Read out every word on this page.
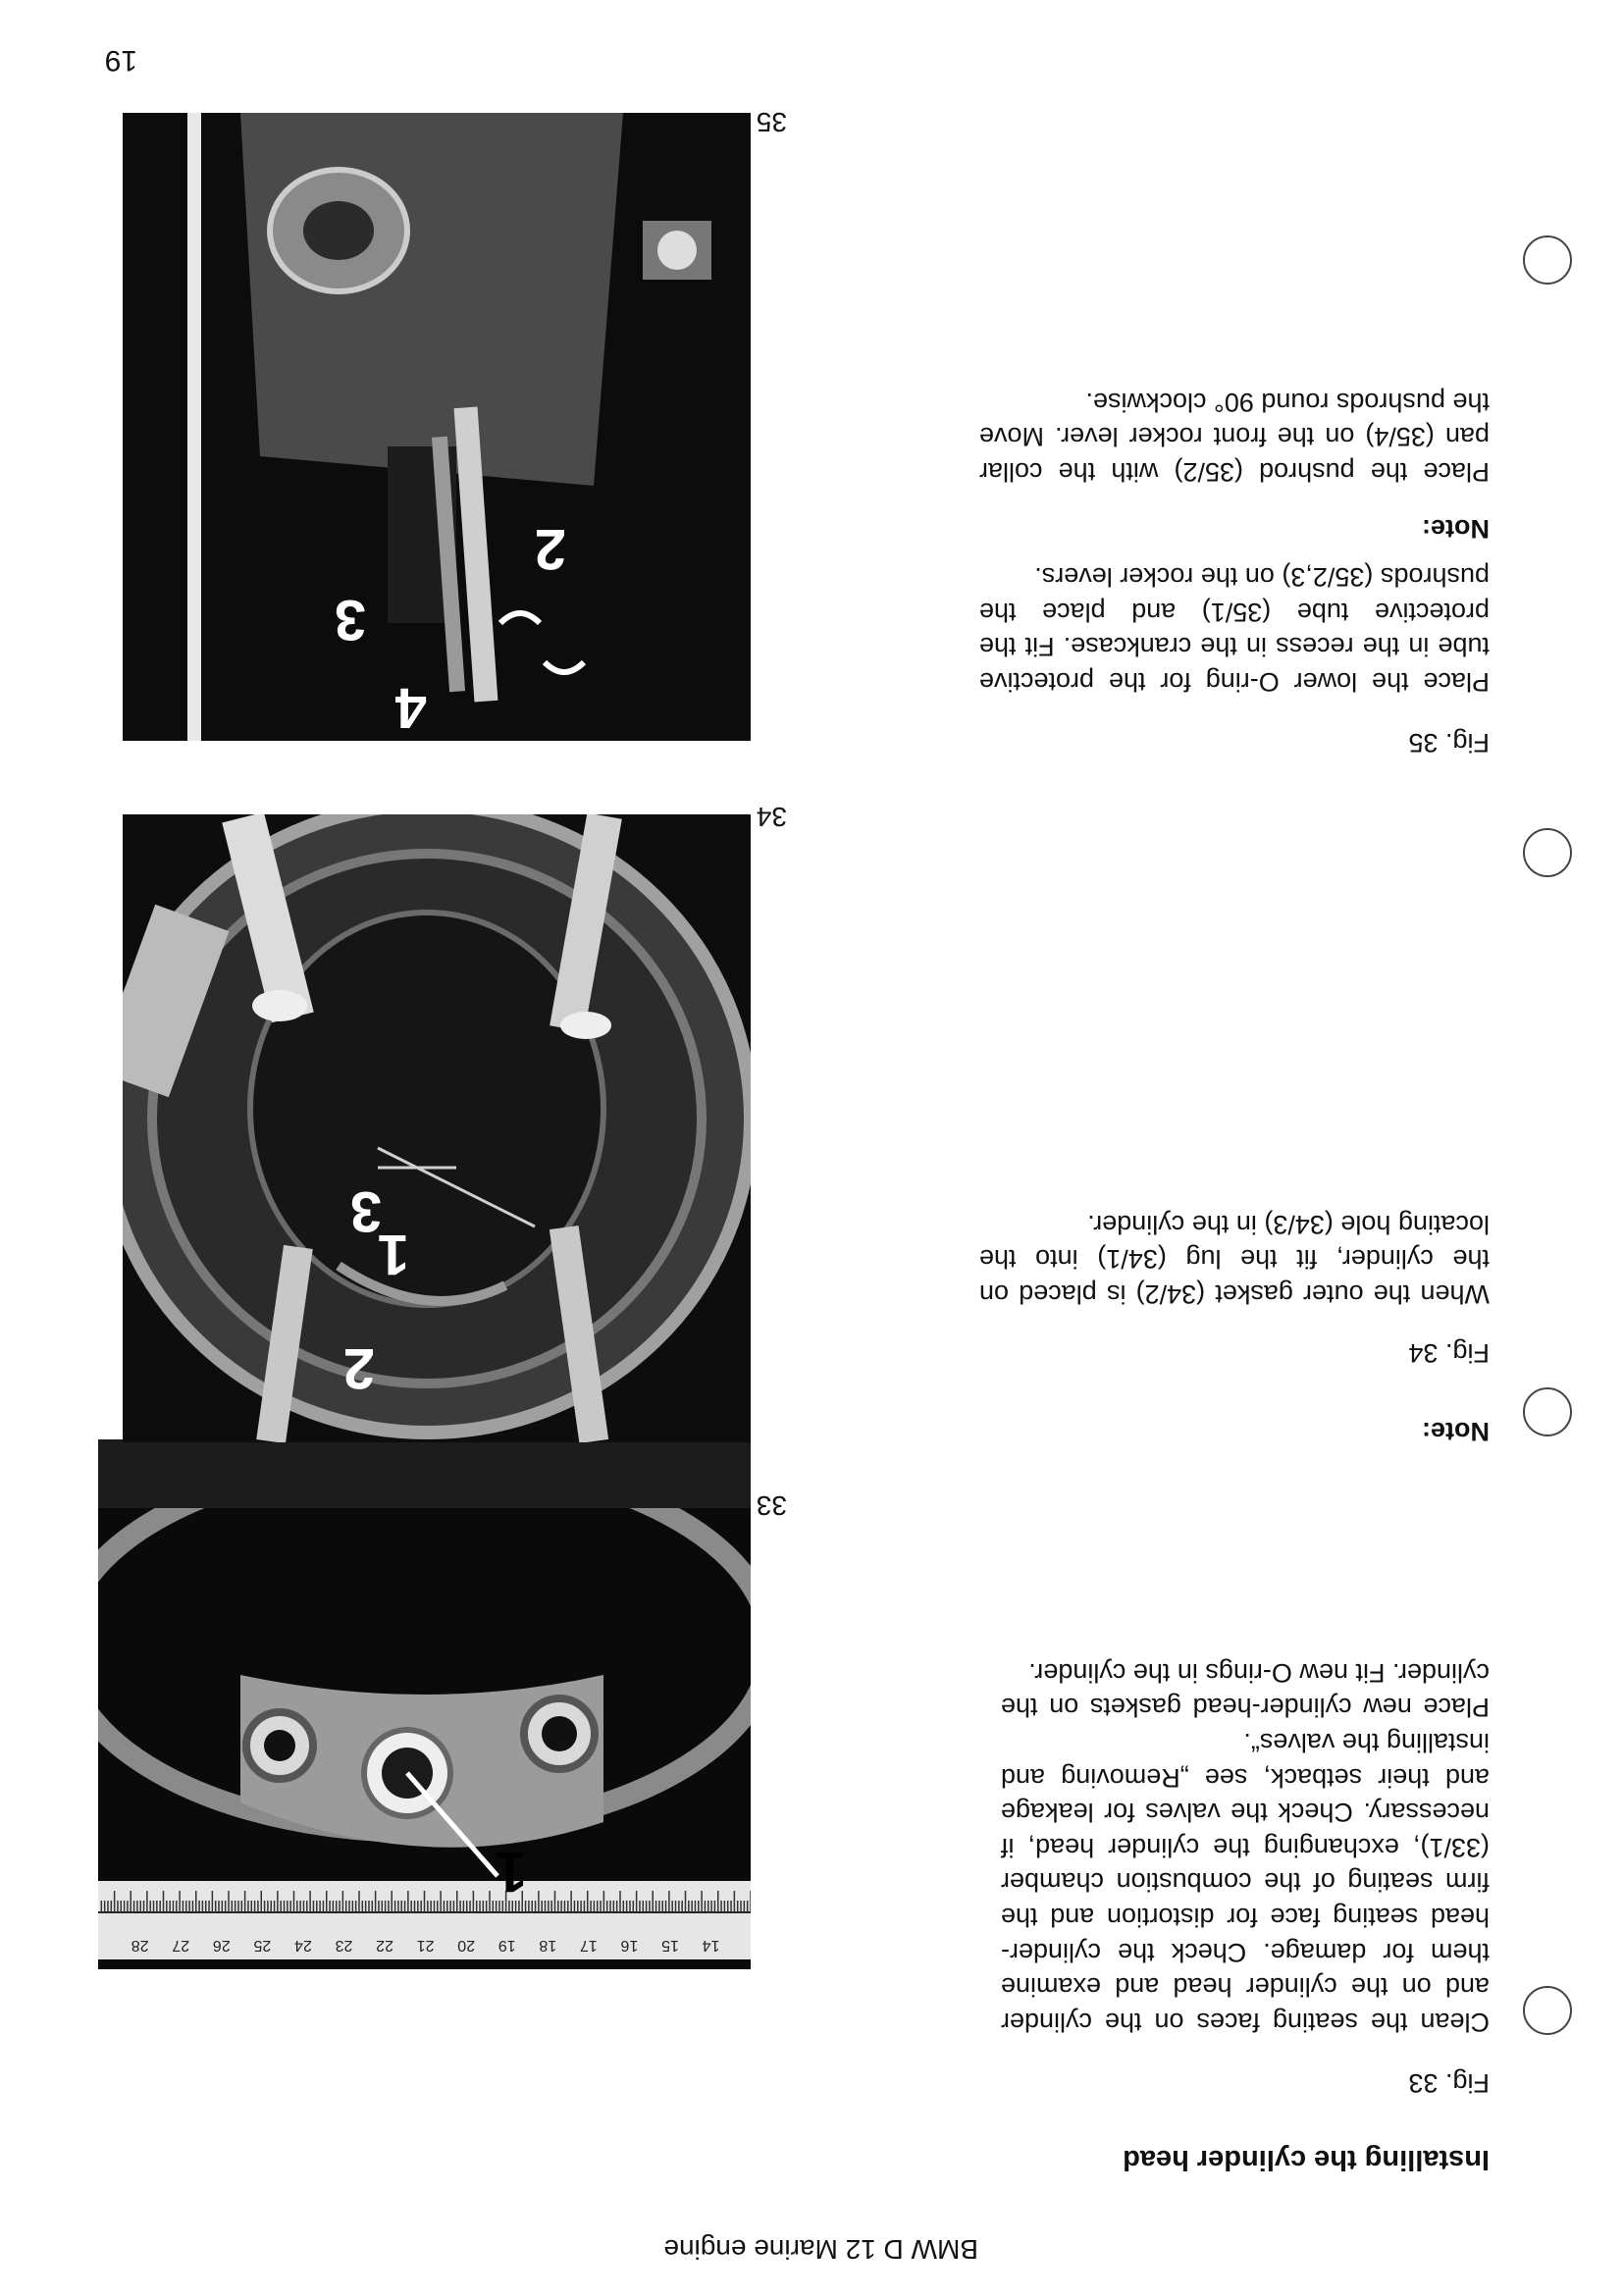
BMW D 12 Marine engine
19
Installing the cylinder head
Fig. 33
Clean the seating faces on the cylinder and on the cylinder head and examine them for damage. Check the cylinder-head seating face for distortion and the firm seating of the combustion chamber (33/1), exchanging the cylinder head, if necessary. Check the valves for leakage and their setback, see „Removing and installing the valves“.
Place new cylinder-head gaskets on the cylinder. Fit new O-rings in the cylinder.
1
14
15
16
17
18
19
20
21
22
23
24
25
26
27
28
33
Note:
Fig. 34
When the outer gasket (34/2) is placed on the cylinder, fit the lug (34/1) into the locating hole (34/3) in the cylinder.
2
1
3
34
Fig. 35
Place the lower O-ring for the protective tube in the recess in the crankcase. Fit the protective tube (35/1) and place the pushrods (35/2,3) on the rocker levers.
Note:
Place the pushrod (35/2) with the collar pan (35/4) on the front rocker lever. Move the pushrods round 90° clockwise.
4
3
2
35
